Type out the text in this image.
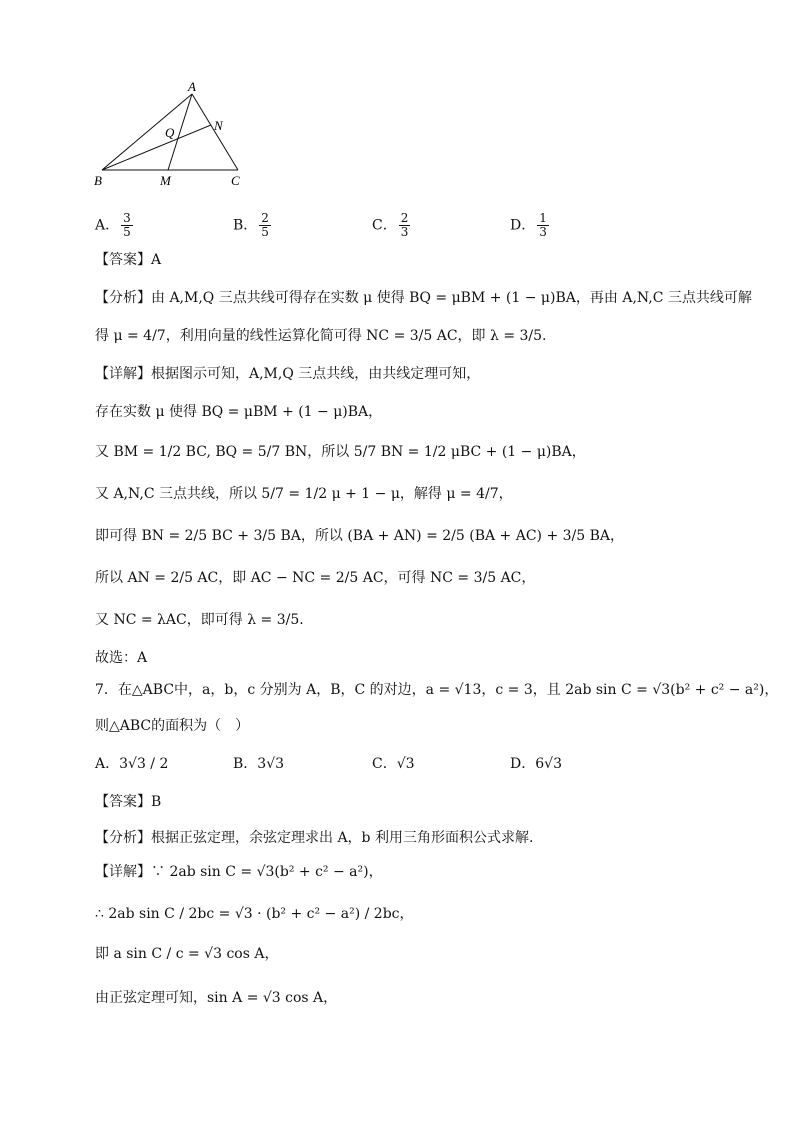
A
B	C
M
N
Q
A． $\frac{3}{5}$	B． $\frac{2}{5}$	C． $\frac{2}{3}$	D． $\frac{1}{3}$
【答案】A
【分析】由 A,M,Q 三点共线可得存在实数 μ 使得 BQ = μBM + (1 − μ)BA，再由 A,N,C 三点共线可解
得 μ = 4/7，利用向量的线性运算化简可得 NC = 3/5 AC，即 λ = 3/5.
【详解】根据图示可知，A,M,Q 三点共线，由共线定理可知，
存在实数 μ 使得 BQ = μBM + (1 − μ)BA，
又 BM = 1/2 BC, BQ = 5/7 BN，所以 5/7 BN = 1/2 μBC + (1 − μ)BA，
又 A,N,C 三点共线，所以 5/7 = 1/2 μ + 1 − μ，解得 μ = 4/7，
即可得 BN = 2/5 BC + 3/5 BA，所以 (BA + AN) = 2/5 (BA + AC) + 3/5 BA，
所以 AN = 2/5 AC，即 AC − NC = 2/5 AC，可得 NC = 3/5 AC，
又 NC = λAC，即可得 λ = 3/5.
故选：A
7．在△ABC中，a，b，c 分别为 A，B，C 的对边，a = √13，c = 3，且 2ab sin C = √3(b² + c² − a²)，
则△ABC的面积为（　）
A．3√3 / 2	B．3√3	C．√3	D．6√3
【答案】B
【分析】根据正弦定理，余弦定理求出 A，b 利用三角形面积公式求解.
【详解】∵ 2ab sin C = √3(b² + c² − a²)，
∴ 2ab sin C / 2bc = √3 · (b² + c² − a²) / 2bc，
即 a sin C / c = √3 cos A，
由正弦定理可知，sin A = √3 cos A，
